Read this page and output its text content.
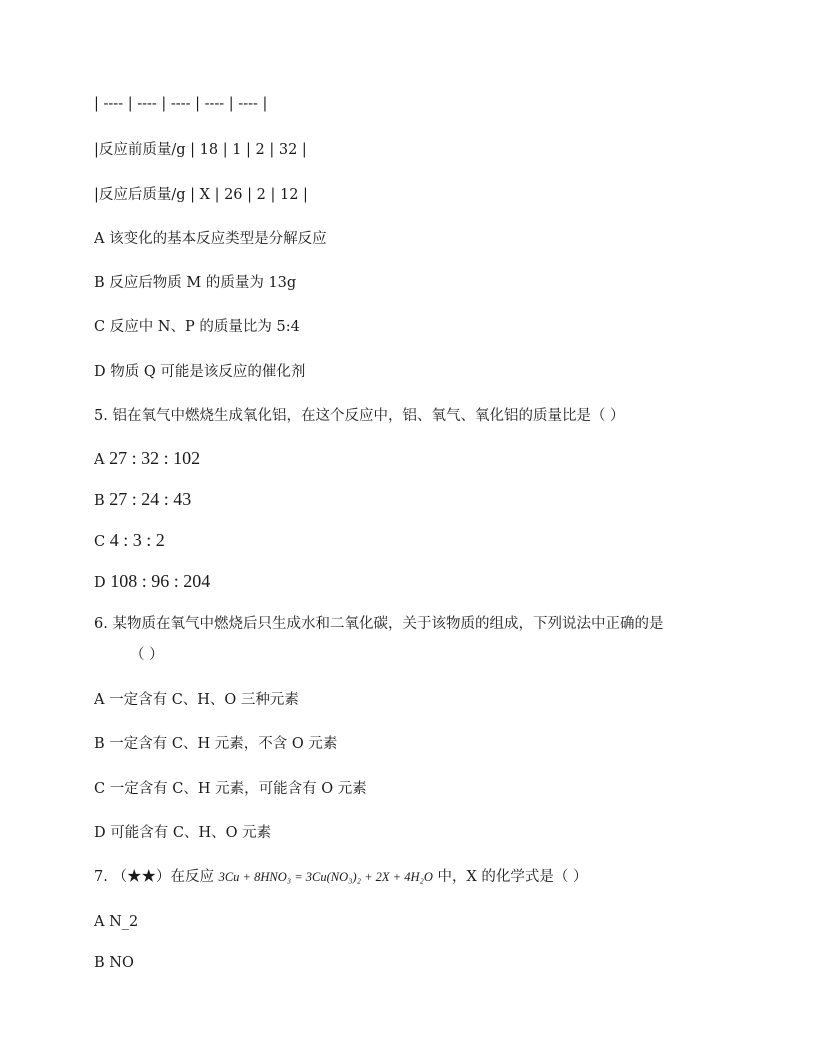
| ---- | ---- | ---- | ---- | ---- |
|反应前质量/g | 18 | 1 | 2 | 32 |
|反应后质量/g | X | 26 | 2 | 12 |
A 该变化的基本反应类型是分解反应
B 反应后物质 M 的质量为 13g
C 反应中 N、P 的质量比为 5:4
D 物质 Q 可能是该反应的催化剂
5. 铝在氧气中燃烧生成氧化铝，在这个反应中，铝、氧气、氧化铝的质量比是（ ）
A 27 : 32 : 102
B 27 : 24 : 43
C 4 : 3 : 2
D 108 : 96 : 204
6. 某物质在氧气中燃烧后只生成水和二氧化碳，关于该物质的组成，下列说法中正确的是
（ ）
A 一定含有 C、H、O 三种元素
B 一定含有 C、H 元素，不含 O 元素
C 一定含有 C、H 元素，可能含有 O 元素
D 可能含有 C、H、O 元素
7. （★★）在反应 3Cu + 8HNO₃ = 3Cu(NO₃)₂ + 2X + 4H₂O 中，X 的化学式是（ ）
A N_2
B NO
